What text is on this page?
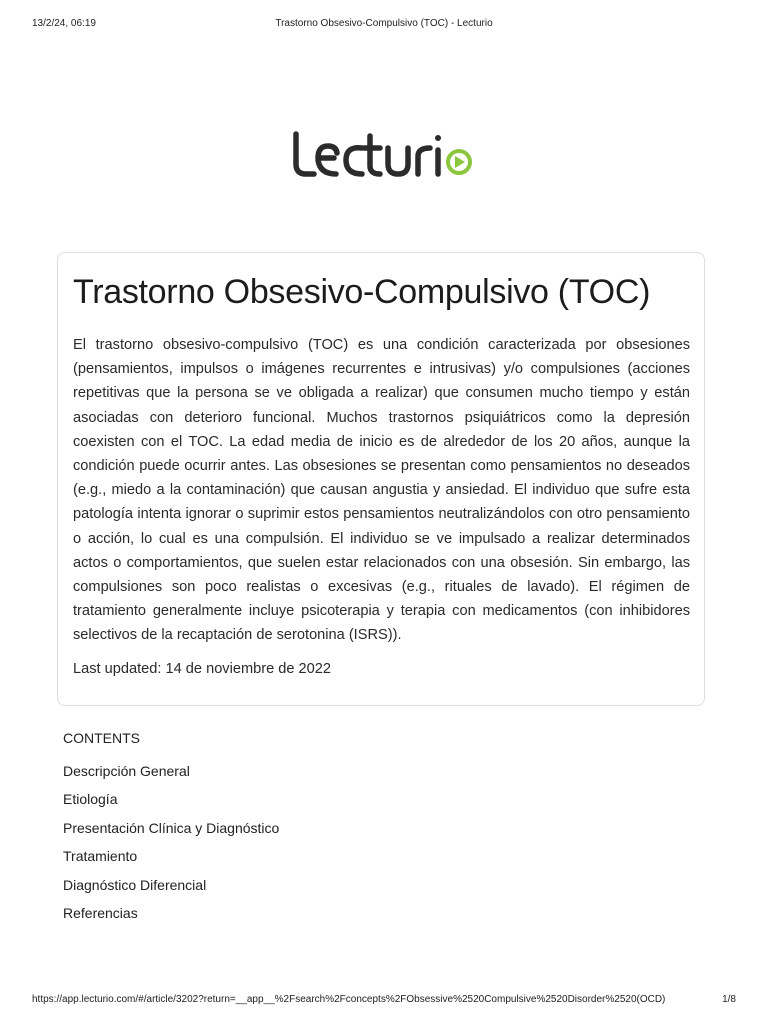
13/2/24, 06:19	Trastorno Obsesivo-Compulsivo (TOC) - Lecturio
Trastorno Obsesivo-Compulsivo (TOC)

El trastorno obsesivo-compulsivo (TOC) es una condición caracterizada por obsesiones (pensamientos, impulsos o imágenes recurrentes e intrusivas) y/o compulsiones (acciones repetitivas que la persona se ve obligada a realizar) que consumen mucho tiempo y están asociadas con deterioro funcional. Muchos trastornos psiquiátricos como la depresión coexisten con el TOC. La edad media de inicio es de alrededor de los 20 años, aunque la condición puede ocurrir antes. Las obsesiones se presentan como pensamientos no deseados (e.g., miedo a la contaminación) que causan angustia y ansiedad. El individuo que sufre esta patología intenta ignorar o suprimir estos pensamientos neutralizándolos con otro pensamiento o acción, lo cual es una compulsión. El individuo se ve impulsado a realizar determinados actos o comportamientos, que suelen estar relacionados con una obsesión. Sin embargo, las compulsiones son poco realistas o excesivas (e.g., rituales de lavado). El régimen de tratamiento generalmente incluye psicoterapia y terapia con medicamentos (con inhibidores selectivos de la recaptación de serotonina (ISRS)).

Last updated: 14 de noviembre de 2022

CONTENTS
Descripción General
Etiología
Presentación Clínica y Diagnóstico
Tratamiento
Diagnóstico Diferencial
Referencias
https://app.lecturio.com/#/article/3202?return=__app__%2Fsearch%2Fconcepts%2FObsessive%2520Compulsive%2520Disorder%2520(OCD)	1/8
